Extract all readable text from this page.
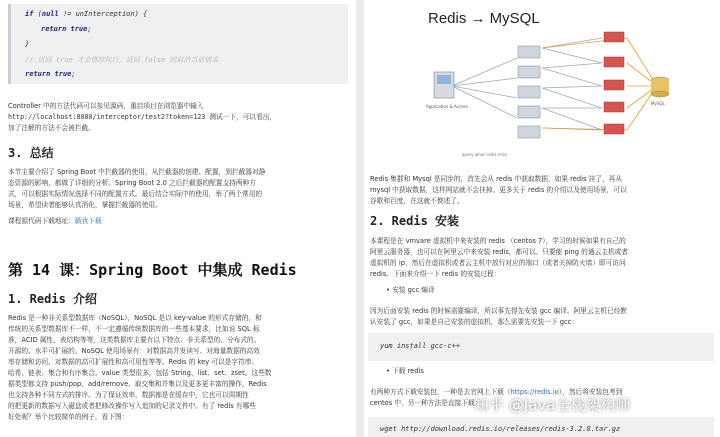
if (null != unInterception) {
return true;
}
// 返回 true 才会继续执行，返回 false 则取消当前请求
return true;
Controller 中的方法代码可以参见源码，重启项目在浏览器中输入
http://localhost:8080/interceptor/test2?token=123 测试一下，可以看出，
加了注解的方法不会被拦截。
3. 总结
本节主要介绍了 Spring Boot 中拦截器的使用，从拦截器的创建、配置，到拦截器对静
态资源的影响，都做了详细的分析。Spring Boot 2.0 之后拦截器的配置支持两种方
式，可以根据实际情况选择不同的配置方式。最后结合实际中的使用，举了两个常用的
场景，希望读者能够认真消化，掌握拦截器的使用。
课程源代码下载地址：戳我下载
第 14 课：Spring Boot 中集成 Redis
1. Redis 介绍
Redis 是一种非关系型数据库（NoSQL），NoSQL 是以 key-value 的形式存储的，和
传统的关系型数据库不一样，不一定遵循传统数据库的一些基本要求，比如说 SQL 标
准，ACID 属性，表结构等等，这类数据库主要有以下特点：非关系型的、分布式的、
开源的、水平可扩展的。NoSQL 使用场景有：对数据高并发读写、对海量数据的高效
率存储和访问、对数据的高可扩展性和高可用性等等。Redis 的 key 可以是字符串、
哈希、链表、集合和有序集合。value 类型很多，包括 String、list、set、zset。这些数
据类型都支持 push/pop、add/remove、取交集和并集以及更多更丰富的操作，Redis
也支持各种不同方式的排序。为了保证效率，数据都是在缓存中，它也可以周期性
的把更新的数据写入磁盘或者把修改操作写入追加的记录文件中。有了 redis 有哪些
好处呢？举个比较简单的例子，看下图：
Redis → MySQL
Application & Access
MySQL
query when redis miss
Redis 集群和 Mysql 是同步的，首先会从 redis 中获取数据，如果 redis 挂了，再从
mysql 中获取数据，这样网站就不会挂掉。更多关于 redis 的介绍以及使用场景，可以
谷歌和百度，在这就不赘述了。
2. Redis 安装
本课程是在 vmvare 虚拟机中来安装的 redis （centos 7），学习的时候如果有自己的
阿里云服务器，也可以在阿里云中来安装 redis，都可以。只要能 ping 的通云主机或者
虚拟机的 ip，然后在虚拟机或者云主机中放行对应的端口（或者关掉防火墙）即可访问
redis。下面来介绍一下 redis 的安装过程：
• 安装 gcc 编译
因为后面安装 redis 的时候需要编译，所以事先得先安装 gcc 编译。阿里云主机已经默
认安装了 gcc，如果是自己安装的虚拟机，那么需要先安装一下 gcc：
yum install gcc-c++
• 下载 redis
有两种方式下载安装包，一种是去官网上下载（https://redis.io），然后将安装包考到
centos 中，另一种方法是直接下载：
wget http://download.redis.io/releases/redis-3.2.8.tar.gz
知乎 @Java全栈架构师
